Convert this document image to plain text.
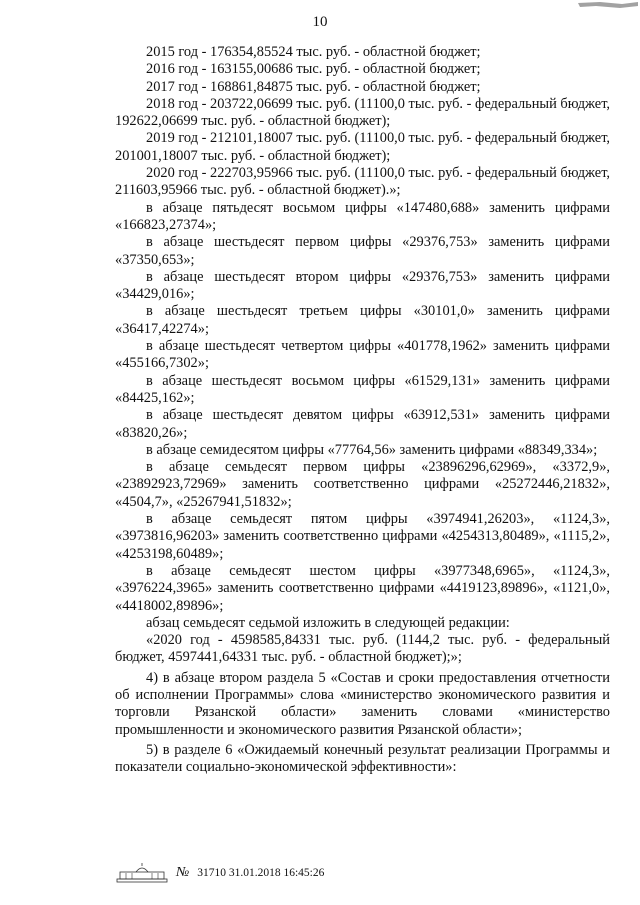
10

2015 год - 176354,85524 тыс. руб. - областной бюджет;

2016 год - 163155,00686 тыс. руб. - областной бюджет;

2017 год - 168861,84875 тыс. руб. - областной бюджет;

2018 год - 203722,06699 тыс. руб. (11100,0 тыс. руб. - федеральный бюджет, 192622,06699 тыс. руб. - областной бюджет);

2019 год - 212101,18007 тыс. руб. (11100,0 тыс. руб. - федеральный бюджет, 201001,18007 тыс. руб. - областной бюджет);

2020 год - 222703,95966 тыс. руб. (11100,0 тыс. руб. - федеральный бюджет, 211603,95966 тыс. руб. - областной бюджет).»;

в абзаце пятьдесят восьмом цифры «147480,688» заменить цифрами «166823,27374»;

в абзаце шестьдесят первом цифры «29376,753» заменить цифрами «37350,653»;

в абзаце шестьдесят втором цифры «29376,753» заменить цифрами «34429,016»;

в абзаце шестьдесят третьем цифры «30101,0» заменить цифрами «36417,42274»;

в абзаце шестьдесят четвертом цифры «401778,1962» заменить цифрами «455166,7302»;

в абзаце шестьдесят восьмом цифры «61529,131» заменить цифрами «84425,162»;

в абзаце шестьдесят девятом цифры «63912,531» заменить цифрами «83820,26»;

в абзаце семидесятом цифры «77764,56» заменить цифрами «88349,334»;

в абзаце семьдесят первом цифры «23896296,62969», «3372,9», «23892923,72969» заменить соответственно цифрами «25272446,21832», «4504,7», «25267941,51832»;

в абзаце семьдесят пятом цифры «3974941,26203», «1124,3», «3973816,96203» заменить соответственно цифрами «4254313,80489», «1115,2», «4253198,60489»;

в абзаце семьдесят шестом цифры «3977348,6965», «1124,3», «3976224,3965» заменить соответственно цифрами «4419123,89896», «1121,0», «4418002,89896»;

абзац семьдесят седьмой изложить в следующей редакции:

«2020 год - 4598585,84331 тыс. руб. (1144,2 тыс. руб. - федеральный бюджет, 4597441,64331 тыс. руб. - областной бюджет);»;

4) в абзаце втором раздела 5 «Состав и сроки предоставления отчетности об исполнении Программы» слова «министерство экономического развития и торговли Рязанской области» заменить словами «министерство промышленности и экономического развития Рязанской области»;

5) в разделе 6 «Ожидаемый конечный результат реализации Программы и показатели социально-экономической эффективности»:

№ 31710 31.01.2018 16:45:26
